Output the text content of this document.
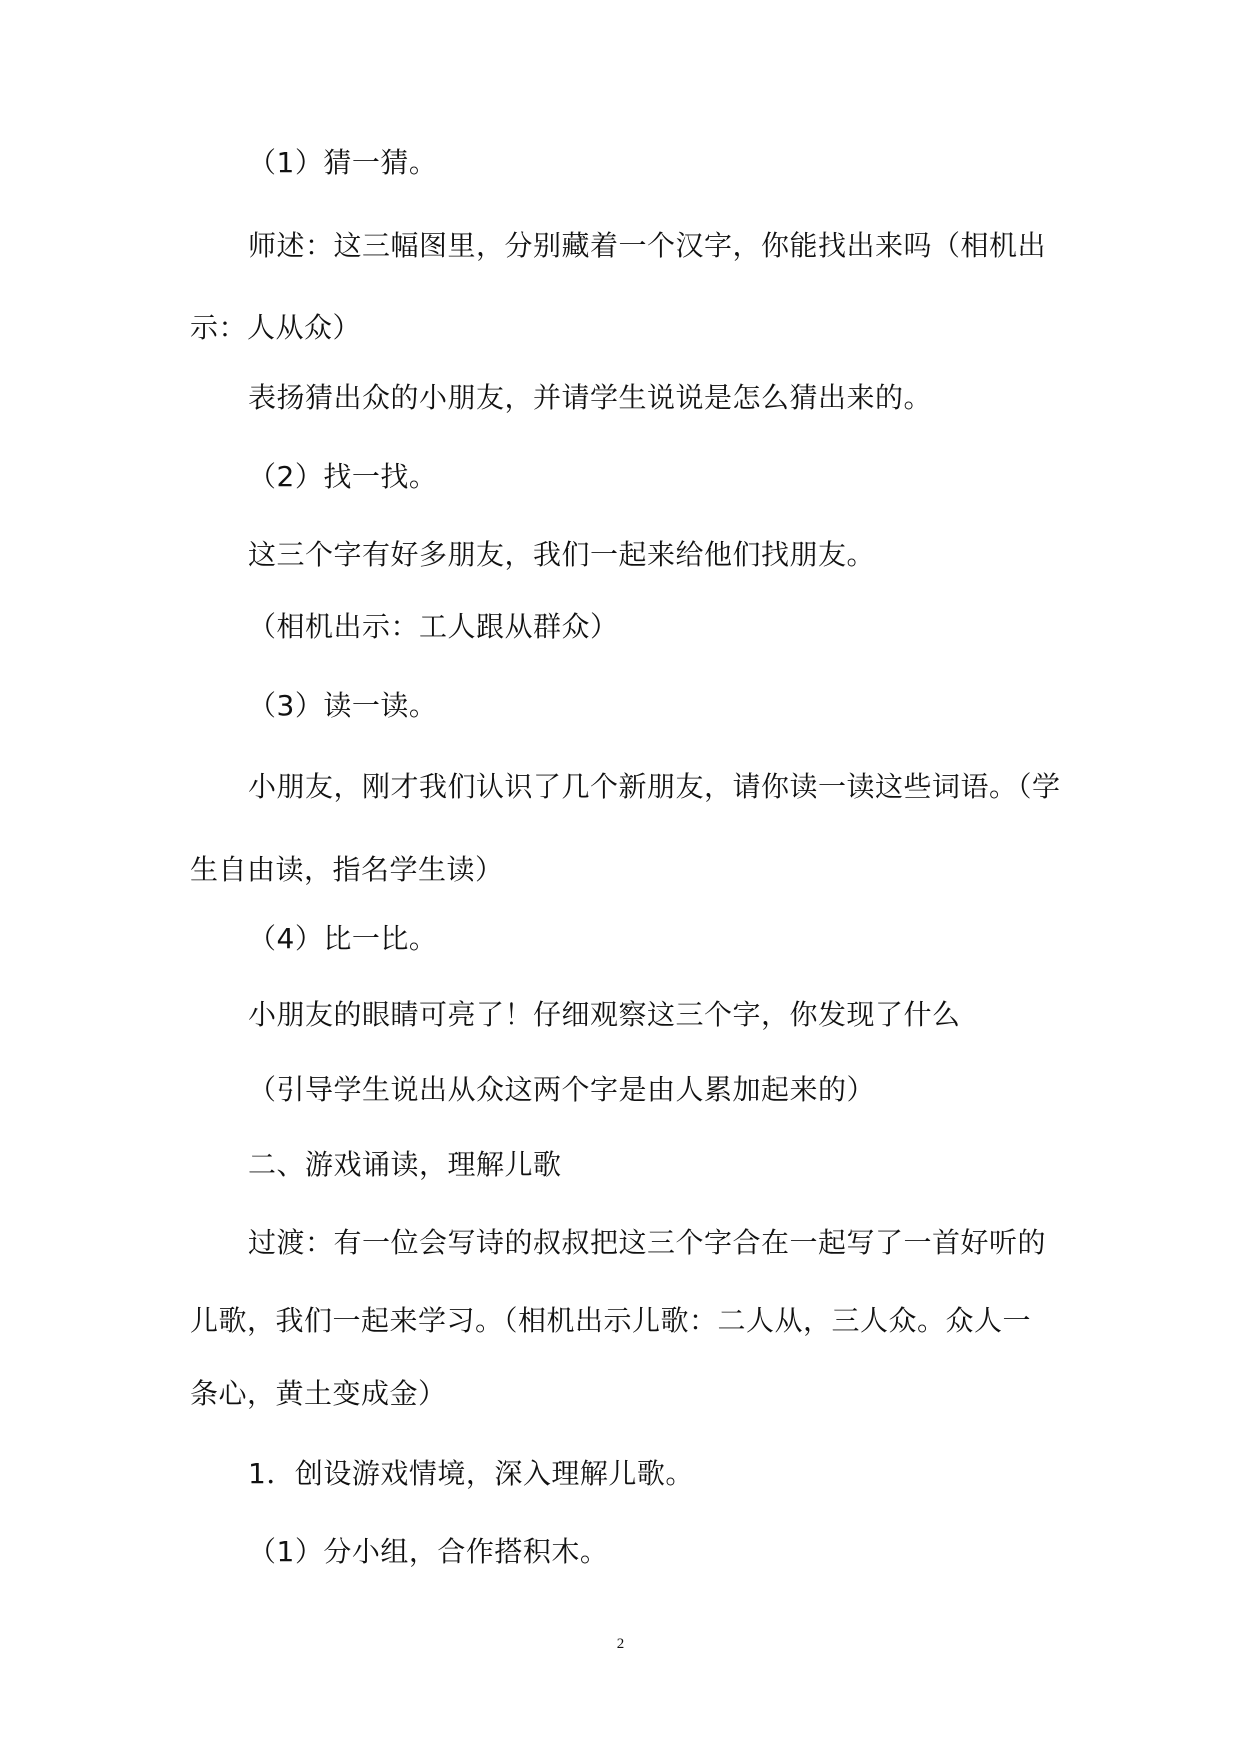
（1）猜一猜。
师述：这三幅图里，分别藏着一个汉字，你能找出来吗（相机出
示：人从众）
表扬猜出众的小朋友，并请学生说说是怎么猜出来的。
（2）找一找。
这三个字有好多朋友，我们一起来给他们找朋友。
（相机出示：工人跟从群众）
（3）读一读。
小朋友，刚才我们认识了几个新朋友，请你读一读这些词语。（学
生自由读，指名学生读）
（4）比一比。
小朋友的眼睛可亮了！仔细观察这三个字，你发现了什么
（引导学生说出从众这两个字是由人累加起来的）
二、游戏诵读，理解儿歌
过渡：有一位会写诗的叔叔把这三个字合在一起写了一首好听的
儿歌，我们一起来学习。（相机出示儿歌：二人从，三人众。众人一
条心，黄土变成金）
1．创设游戏情境，深入理解儿歌。
（1）分小组，合作搭积木。
2
